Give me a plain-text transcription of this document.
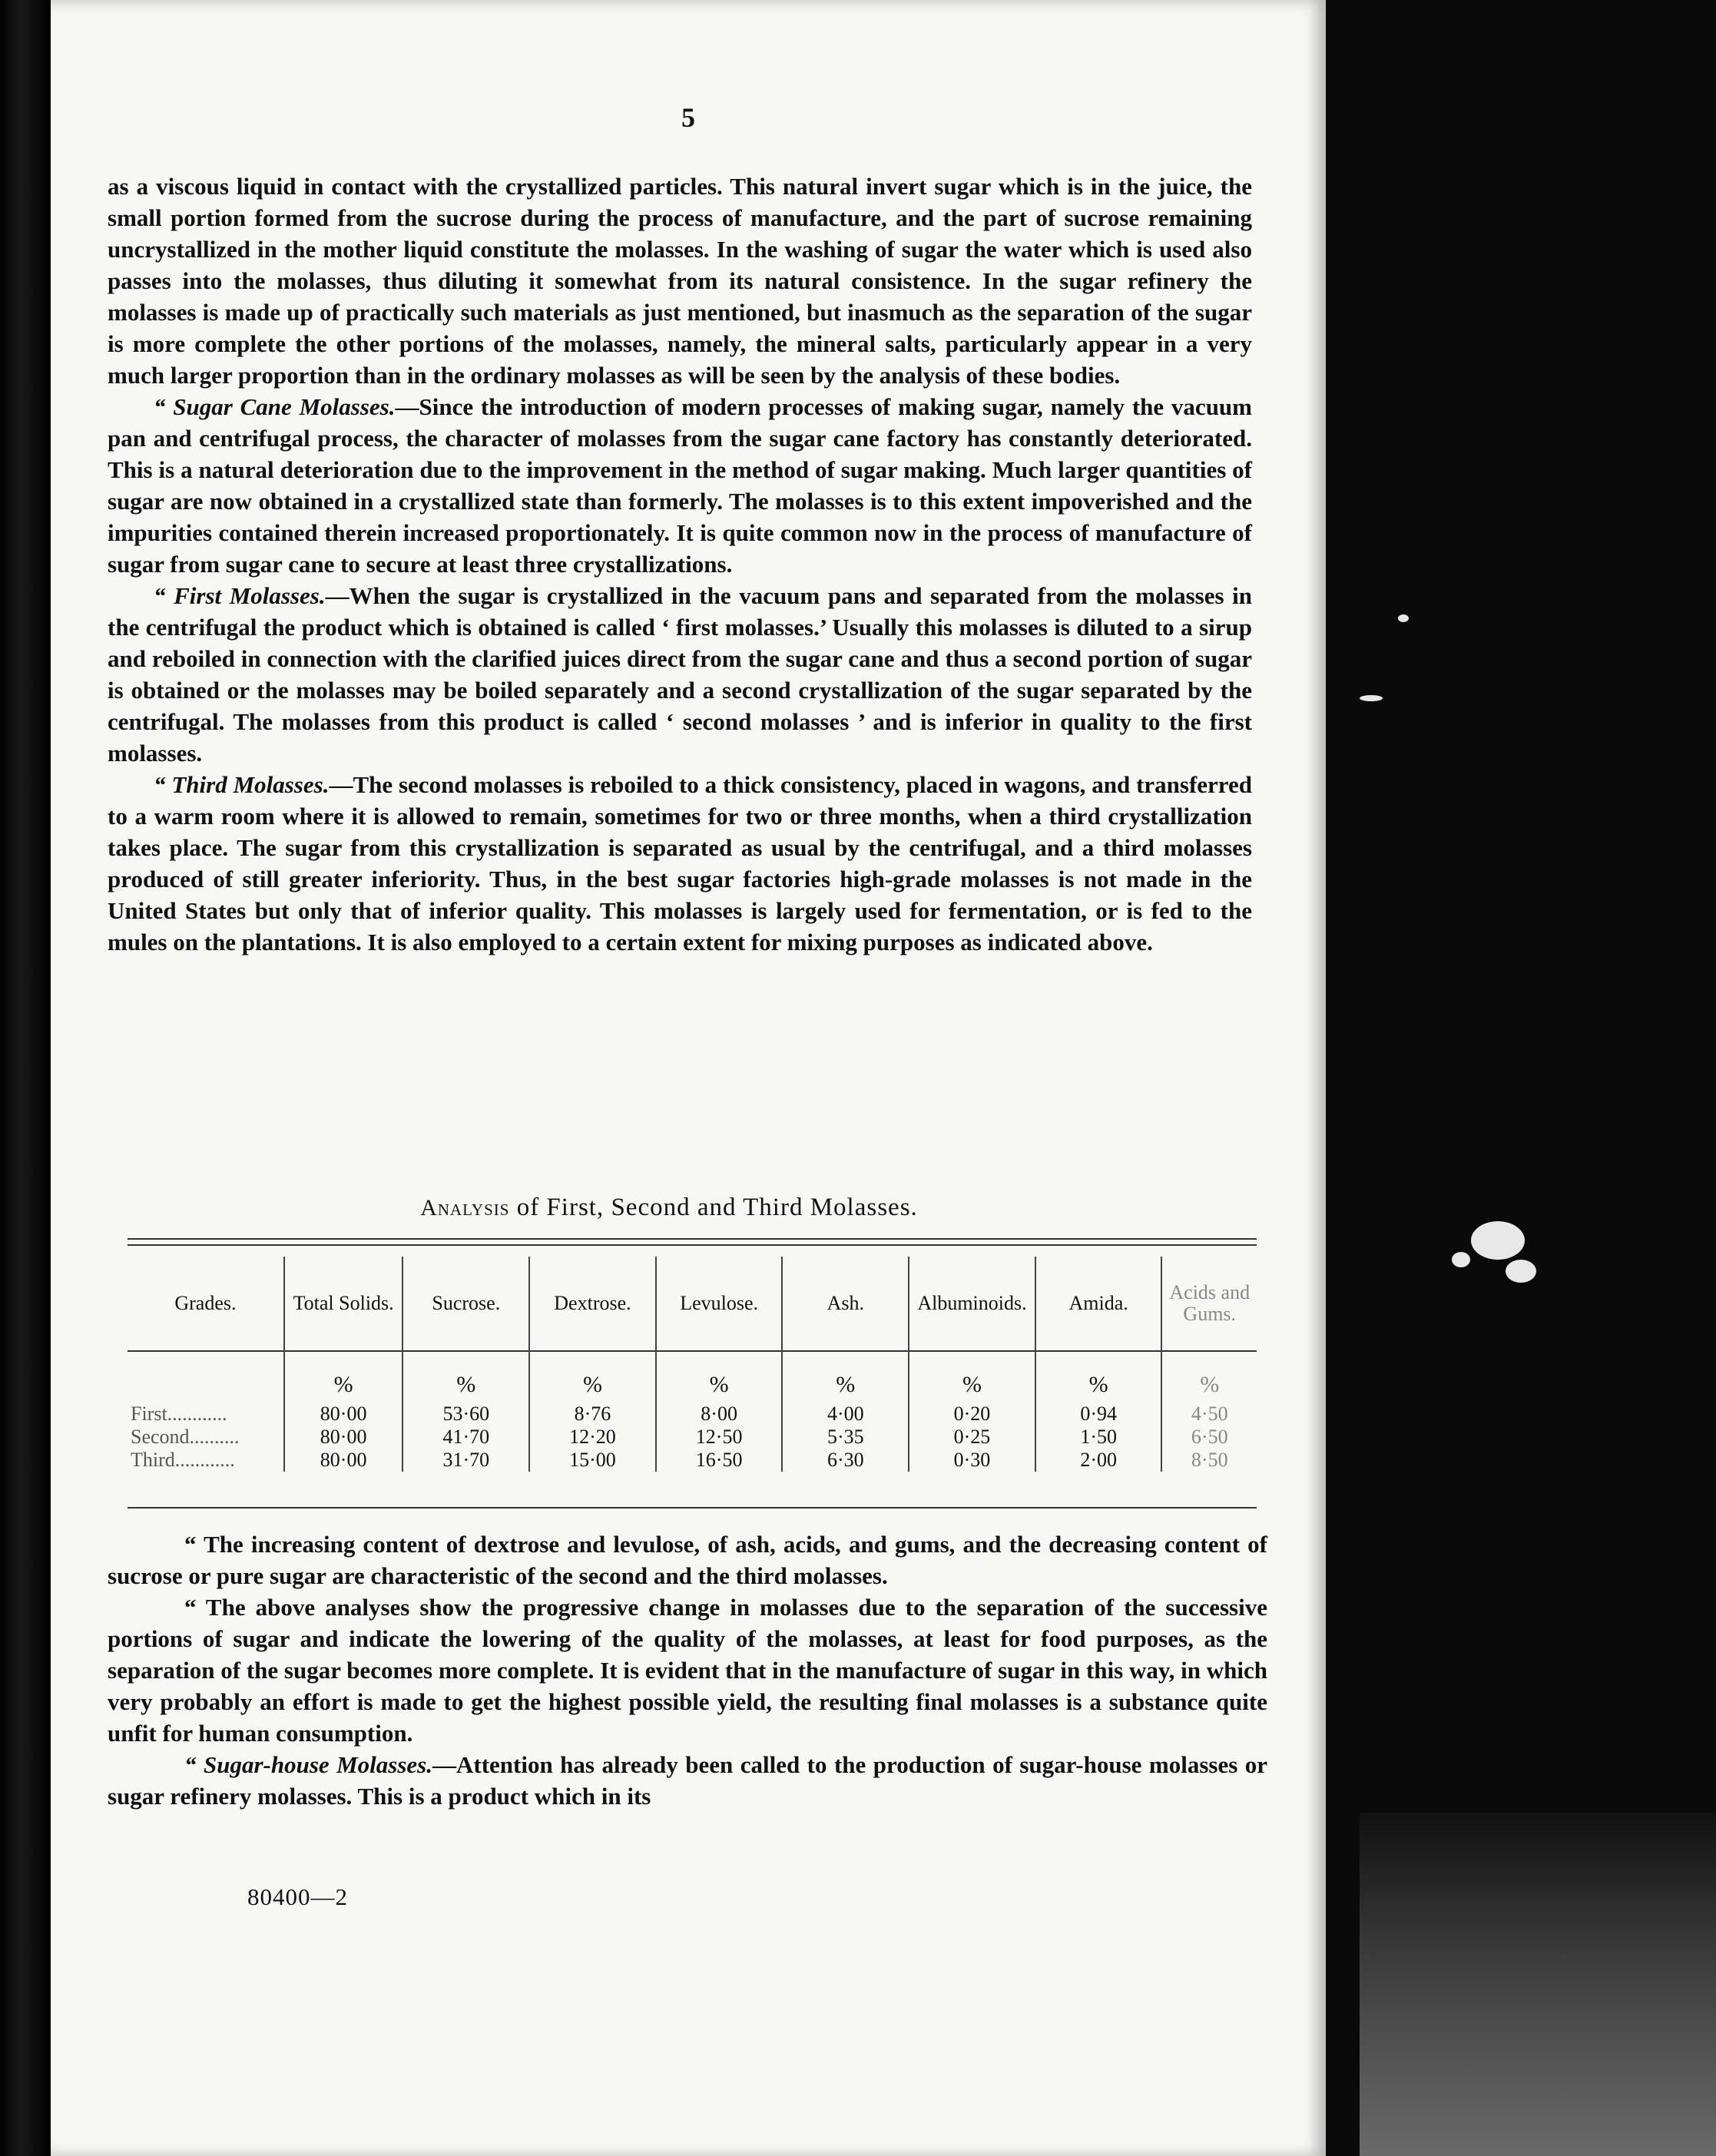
5

as a viscous liquid in contact with the crystallized particles. This natural invert sugar which is in the juice, the small portion formed from the sucrose during the process of manufacture, and the part of sucrose remaining uncrystallized in the mother liquid constitute the molasses. In the washing of sugar the water which is used also passes into the molasses, thus diluting it somewhat from its natural consistence. In the sugar refinery the molasses is made up of practically such materials as just mentioned, but inasmuch as the separation of the sugar is more complete the other portions of the molasses, namely, the mineral salts, particularly appear in a very much larger proportion than in the ordinary molasses as will be seen by the analysis of these bodies.

“ Sugar Cane Molasses.—Since the introduction of modern processes of making sugar, namely the vacuum pan and centrifugal process, the character of molasses from the sugar cane factory has constantly deteriorated. This is a natural deterioration due to the improvement in the method of sugar making. Much larger quantities of sugar are now obtained in a crystallized state than formerly. The molasses is to this extent impoverished and the impurities contained therein increased proportionately. It is quite common now in the process of manufacture of sugar from sugar cane to secure at least three crystallizations.

“ First Molasses.—When the sugar is crystallized in the vacuum pans and separated from the molasses in the centrifugal the product which is obtained is called ‘ first molasses.’ Usually this molasses is diluted to a sirup and reboiled in connection with the clarified juices direct from the sugar cane and thus a second portion of sugar is obtained or the molasses may be boiled separately and a second crystallization of the sugar separated by the centrifugal. The molasses from this product is called ‘ second molasses ’ and is inferior in quality to the first molasses.

“ Third Molasses.—The second molasses is reboiled to a thick consistency, placed in wagons, and transferred to a warm room where it is allowed to remain, sometimes for two or three months, when a third crystallization takes place. The sugar from this crystallization is separated as usual by the centrifugal, and a third molasses produced of still greater inferiority. Thus, in the best sugar factories high-grade molasses is not made in the United States but only that of inferior quality. This molasses is largely used for fermentation, or is fed to the mules on the plantations. It is also employed to a certain extent for mixing purposes as indicated above.

Analysis of First, Second and Third Molasses.
Grades.	Total Solids.	Sucrose.	Dextrose.	Levulose.	Ash.	Albuminoids.	Amida.	Acids and Gums.
	%	%	%	%	%	%	%	%

First............	80·00	53·60	8·76	8·00	4·00	0·20	0·94	4·50
Second..........	80·00	41·70	12·20	12·50	5·35	0·25	1·50	6·50
Third............	80·00	31·70	15·00	16·50	6·30	0·30	2·00	8·50

“ The increasing content of dextrose and levulose, of ash, acids, and gums, and the decreasing content of sucrose or pure sugar are characteristic of the second and the third molasses.

“ The above analyses show the progressive change in molasses due to the separation of the successive portions of sugar and indicate the lowering of the quality of the molasses, at least for food purposes, as the separation of the sugar becomes more complete. It is evident that in the manufacture of sugar in this way, in which very probably an effort is made to get the highest possible yield, the resulting final molasses is a substance quite unfit for human consumption.

“ Sugar-house Molasses.—Attention has already been called to the production of sugar-house molasses or sugar refinery molasses. This is a product which in its

80400—2
